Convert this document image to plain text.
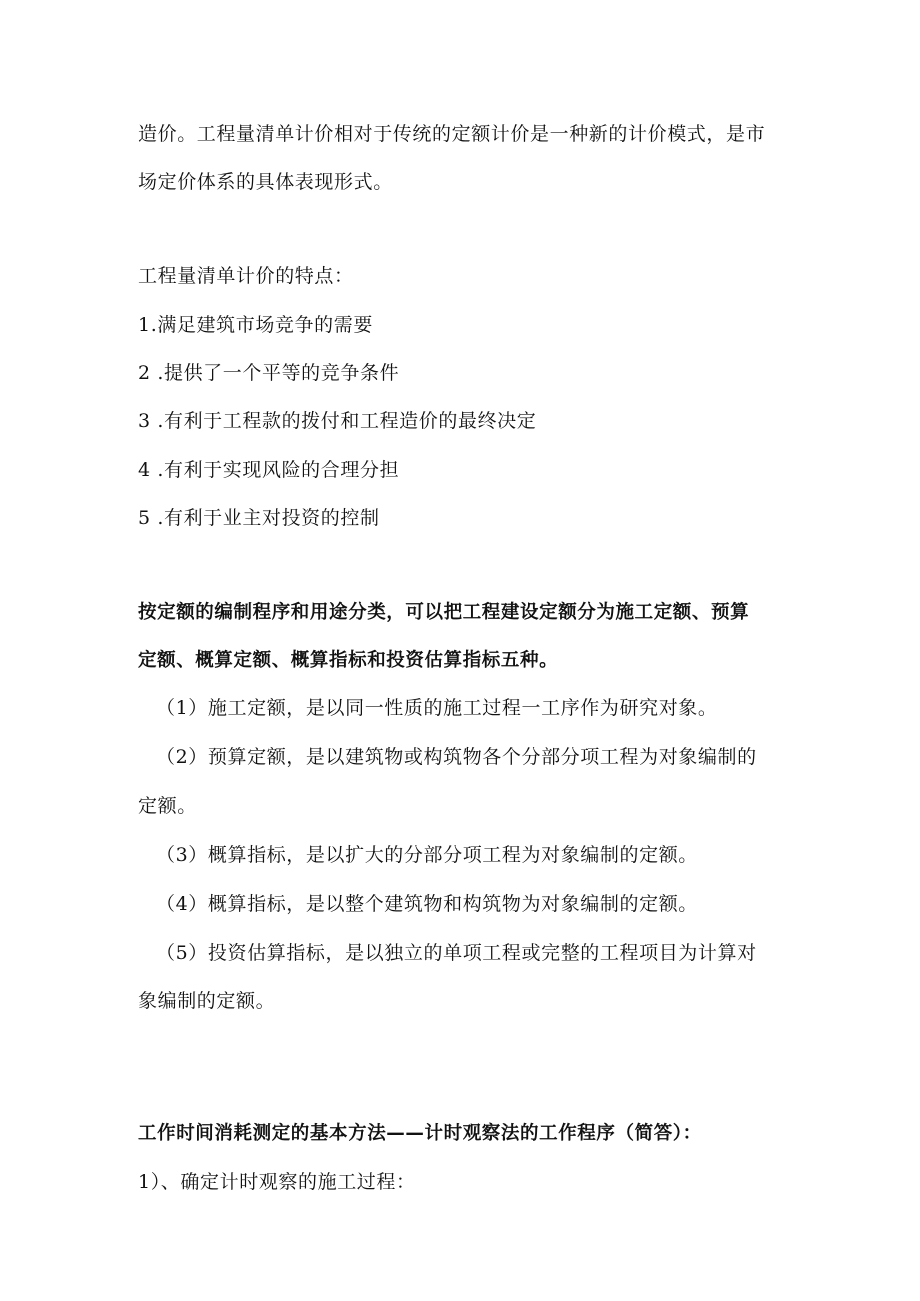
造价。工程量清单计价相对于传统的定额计价是一种新的计价模式，是市
场定价体系的具体表现形式。
工程量清单计价的特点：
1.满足建筑市场竞争的需要
2 .提供了一个平等的竞争条件
3 .有利于工程款的拨付和工程造价的最终决定
4 .有利于实现风险的合理分担
5 .有利于业主对投资的控制
按定额的编制程序和用途分类，可以把工程建设定额分为施工定额、预算
定额、概算定额、概算指标和投资估算指标五种。
（1）施工定额，是以同一性质的施工过程一工序作为研究对象。
（2）预算定额，是以建筑物或构筑物各个分部分项工程为对象编制的
定额。
（3）概算指标，是以扩大的分部分项工程为对象编制的定额。
（4）概算指标，是以整个建筑物和构筑物为对象编制的定额。
（5）投资估算指标，是以独立的单项工程或完整的工程项目为计算对
象编制的定额。
工作时间消耗测定的基本方法——计时观察法的工作程序（简答）：
1）、确定计时观察的施工过程：
